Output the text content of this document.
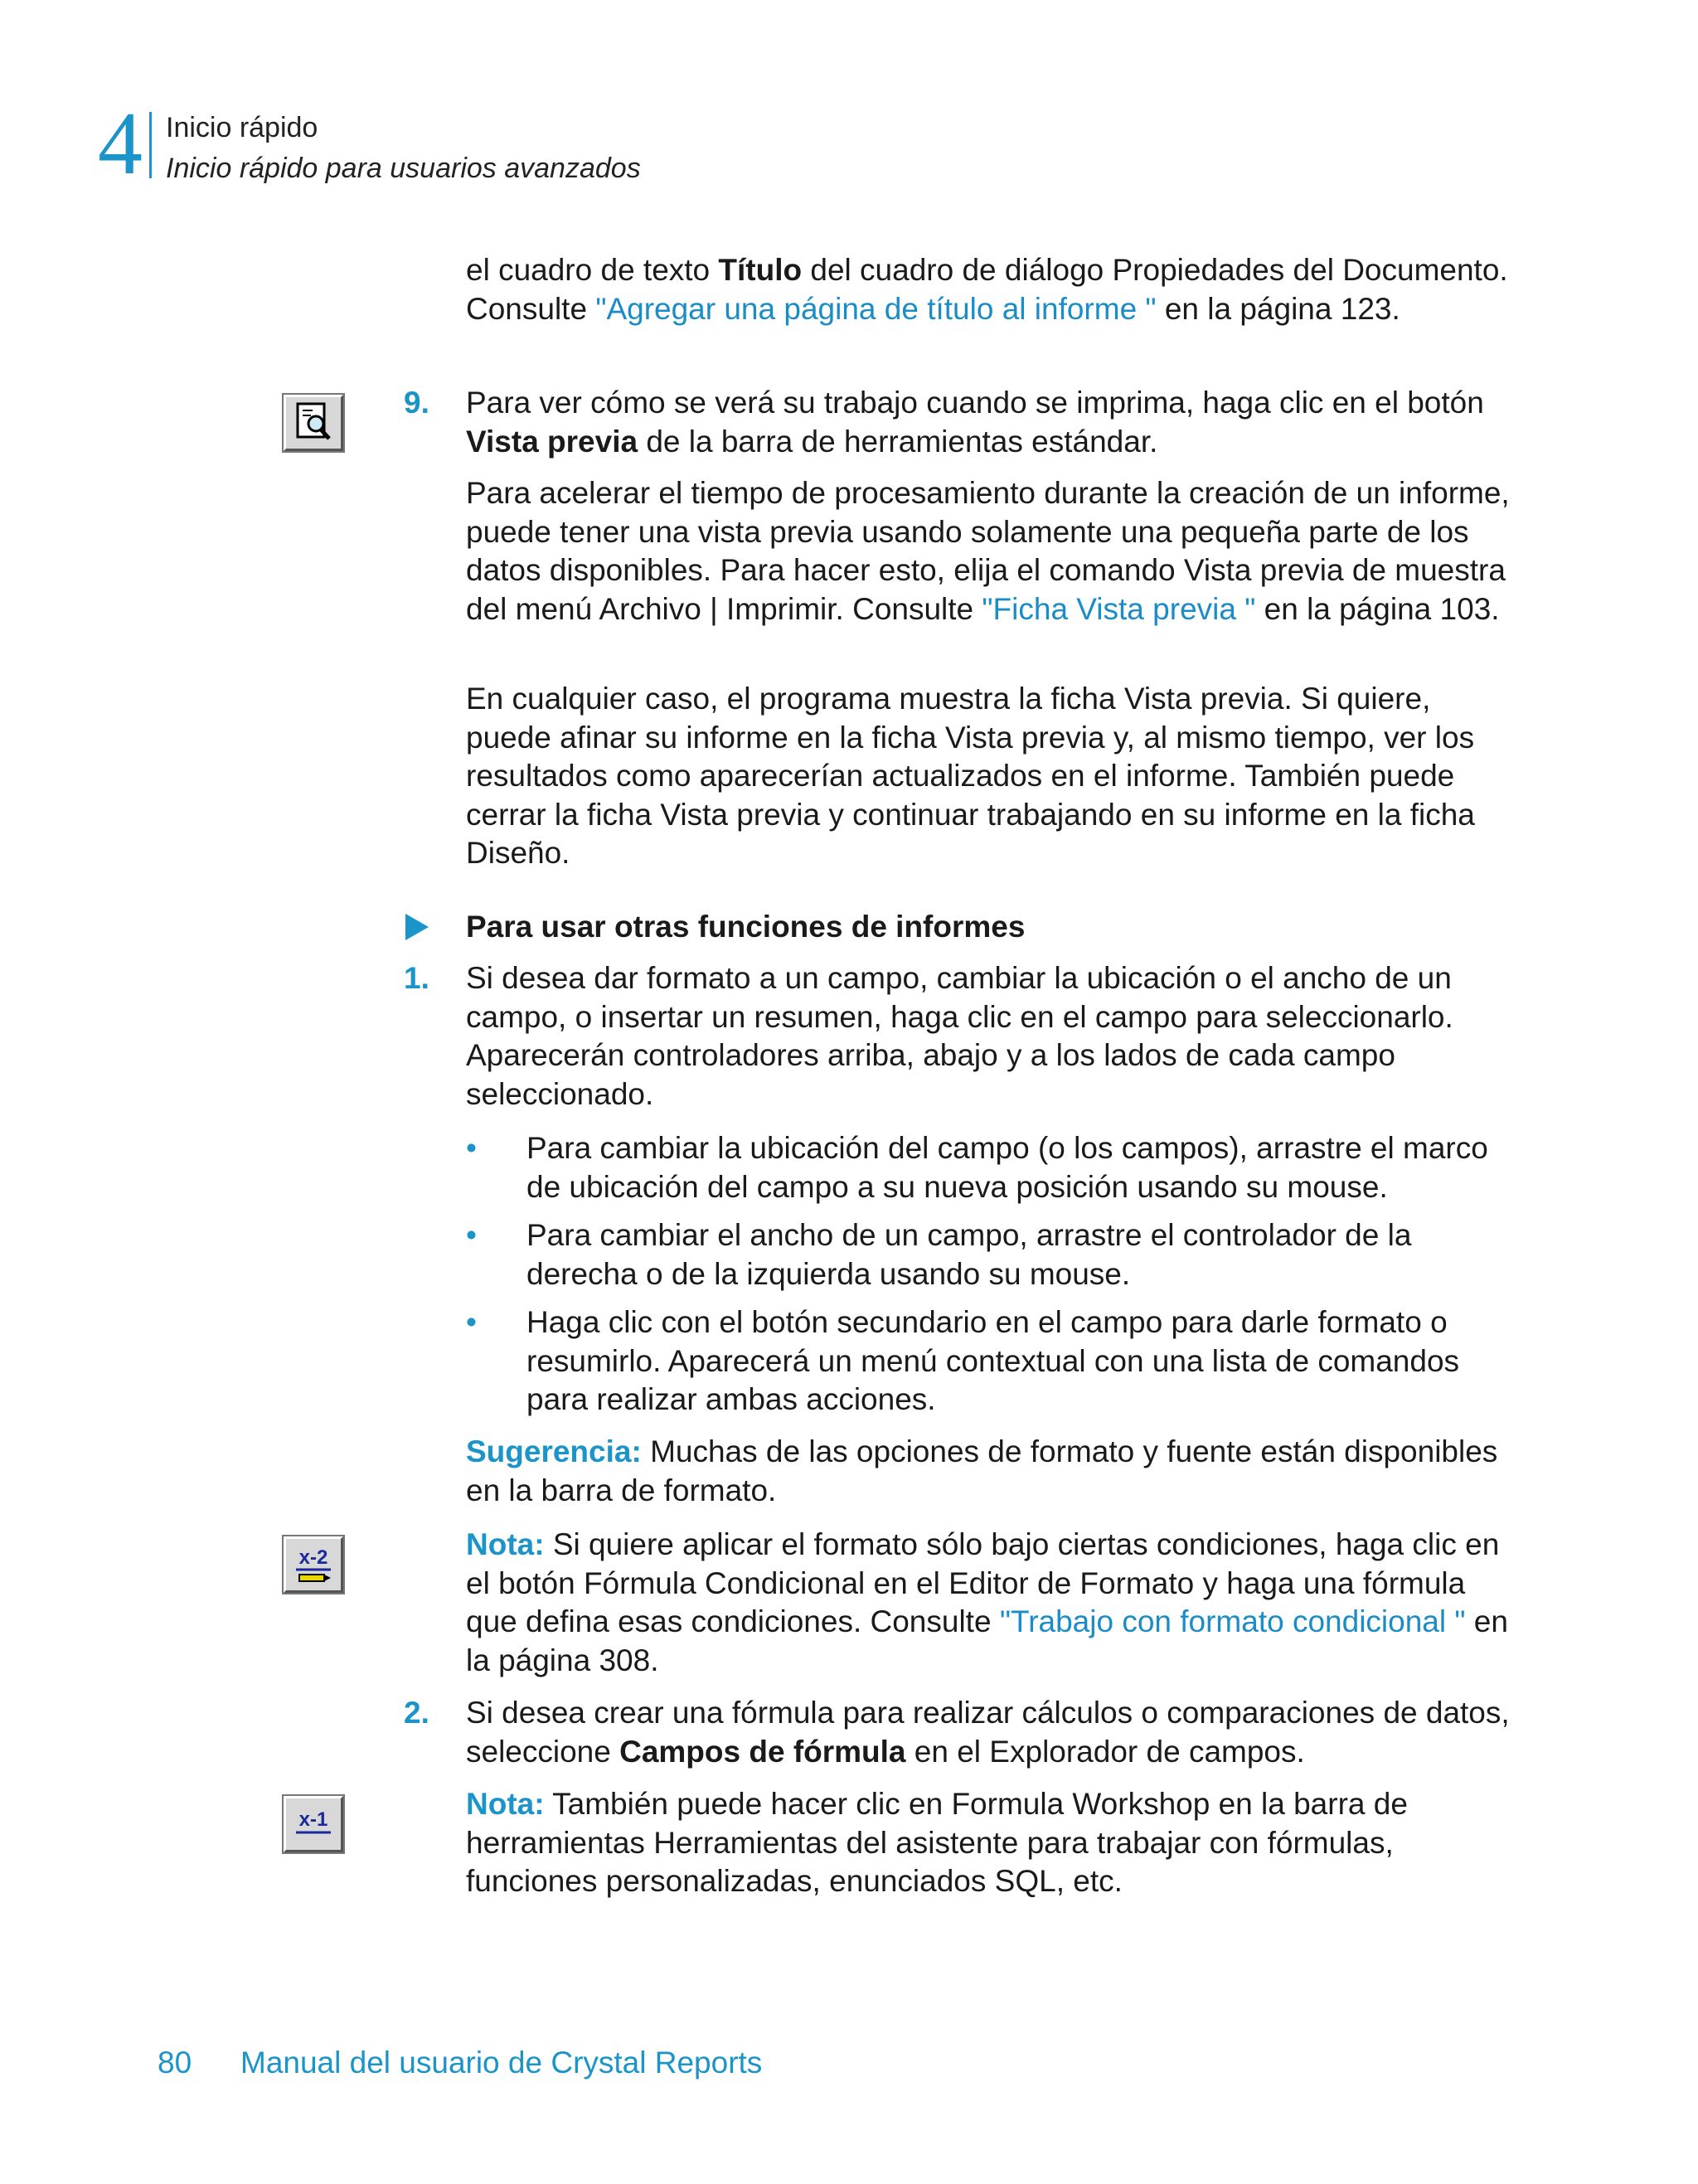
4 Inicio rápido
Inicio rápido para usuarios avanzados

el cuadro de texto Título del cuadro de diálogo Propiedades del Documento. Consulte "Agregar una página de título al informe " en la página 123.

9. Para ver cómo se verá su trabajo cuando se imprima, haga clic en el botón Vista previa de la barra de herramientas estándar.

Para acelerar el tiempo de procesamiento durante la creación de un informe, puede tener una vista previa usando solamente una pequeña parte de los datos disponibles. Para hacer esto, elija el comando Vista previa de muestra del menú Archivo | Imprimir. Consulte "Ficha Vista previa " en la página 103.

En cualquier caso, el programa muestra la ficha Vista previa. Si quiere, puede afinar su informe en la ficha Vista previa y, al mismo tiempo, ver los resultados como aparecerían actualizados en el informe. También puede cerrar la ficha Vista previa y continuar trabajando en su informe en la ficha Diseño.

Para usar otras funciones de informes
1. Si desea dar formato a un campo, cambiar la ubicación o el ancho de un campo, o insertar un resumen, haga clic en el campo para seleccionarlo. Aparecerán controladores arriba, abajo y a los lados de cada campo seleccionado.

• Para cambiar la ubicación del campo (o los campos), arrastre el marco de ubicación del campo a su nueva posición usando su mouse.
• Para cambiar el ancho de un campo, arrastre el controlador de la derecha o de la izquierda usando su mouse.
• Haga clic con el botón secundario en el campo para darle formato o resumirlo. Aparecerá un menú contextual con una lista de comandos para realizar ambas acciones.

Sugerencia: Muchas de las opciones de formato y fuente están disponibles en la barra de formato.

x-2	Nota: Si quiere aplicar el formato sólo bajo ciertas condiciones, haga clic en el botón Fórmula Condicional en el Editor de Formato y haga una fórmula que defina esas condiciones. Consulte "Trabajo con formato condicional " en la página 308.

2. Si desea crear una fórmula para realizar cálculos o comparaciones de datos, seleccione Campos de fórmula en el Explorador de campos.

x-1	Nota: También puede hacer clic en Formula Workshop en la barra de herramientas Herramientas del asistente para trabajar con fórmulas, funciones personalizadas, enunciados SQL, etc.

80 Manual del usuario de Crystal Reports
